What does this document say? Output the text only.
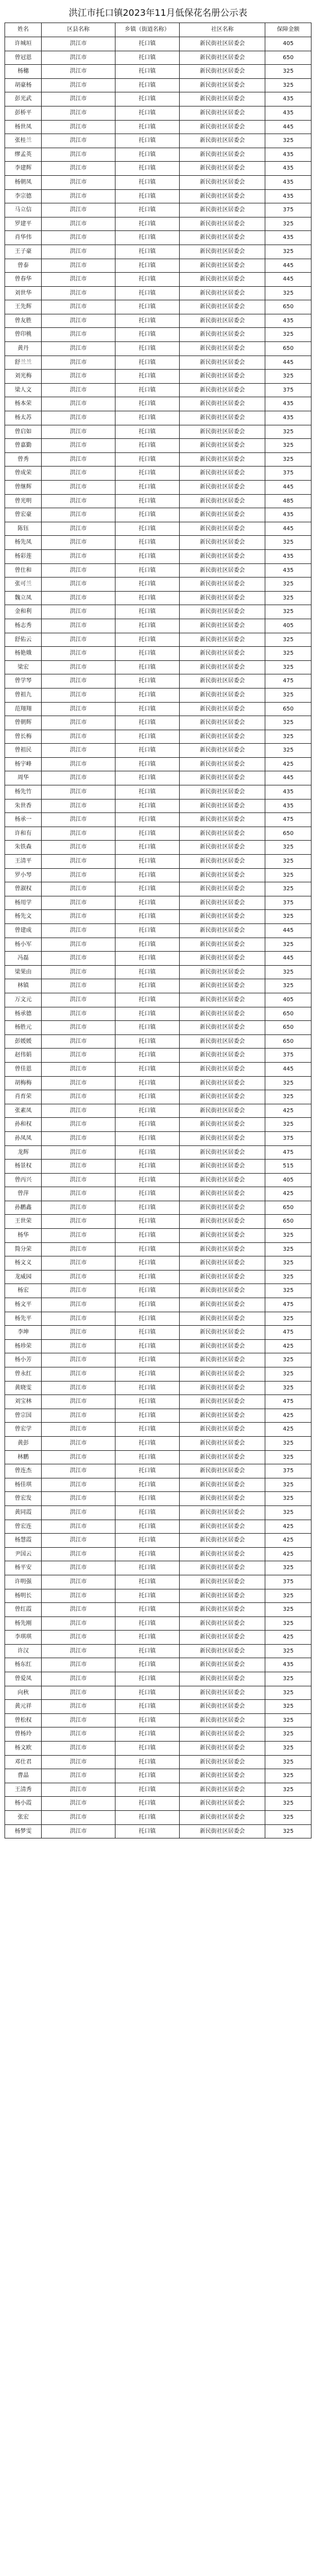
洪江市托口镇2023年11月低保花名册公示表
姓名	区县名称	乡镇（街道名称）	社区名称	保障金额
许城垣	洪江市	托口镇	新民街社区居委会	405
曾冠恩	洪江市	托口镇	新民街社区居委会	650
杨穗	洪江市	托口镇	新民街社区居委会	325
胡豪杨	洪江市	托口镇	新民街社区居委会	325
彭光武	洪江市	托口镇	新民街社区居委会	435
彭桥平	洪江市	托口镇	新民街社区居委会	435
杨世凤	洪江市	托口镇	新民街社区居委会	445
张桂兰	洪江市	托口镇	新民街社区居委会	325
缪孟英	洪江市	托口镇	新民街社区居委会	435
李建辉	洪江市	托口镇	新民街社区居委会	435
杨朝凤	洪江市	托口镇	新民街社区居委会	435
李宗德	洪江市	托口镇	新民街社区居委会	435
马立信	洪江市	托口镇	新民街社区居委会	375
罗建平	洪江市	托口镇	新民街社区居委会	325
肖华伟	洪江市	托口镇	新民街社区居委会	435
王子豪	洪江市	托口镇	新民街社区居委会	325
曾泰	洪江市	托口镇	新民街社区居委会	445
曾春华	洪江市	托口镇	新民街社区居委会	445
刘世华	洪江市	托口镇	新民街社区居委会	325
王先辉	洪江市	托口镇	新民街社区居委会	650
曾友胜	洪江市	托口镇	新民街社区居委会	435
曾印桃	洪江市	托口镇	新民街社区居委会	325
黄丹	洪江市	托口镇	新民街社区居委会	650
舒兰兰	洪江市	托口镇	新民街社区居委会	445
刘光梅	洪江市	托口镇	新民街社区居委会	325
梁人文	洪江市	托口镇	新民街社区居委会	375
杨本荣	洪江市	托口镇	新民街社区居委会	435
杨太苏	洪江市	托口镇	新民街社区居委会	435
曾启如	洪江市	托口镇	新民街社区居委会	325
曾嘉勤	洪江市	托口镇	新民街社区居委会	325
曾秀	洪江市	托口镇	新民街社区居委会	325
曾成荣	洪江市	托口镇	新民街社区居委会	375
曾继辉	洪江市	托口镇	新民街社区居委会	445
曾光明	洪江市	托口镇	新民街社区居委会	485
曾宏豪	洪江市	托口镇	新民街社区居委会	435
陈钰	洪江市	托口镇	新民街社区居委会	445
杨先凤	洪江市	托口镇	新民街社区居委会	325
杨彩莲	洪江市	托口镇	新民街社区居委会	435
曾仕和	洪江市	托口镇	新民街社区居委会	435
张可兰	洪江市	托口镇	新民街社区居委会	325
魏立凤	洪江市	托口镇	新民街社区居委会	325
金和利	洪江市	托口镇	新民街社区居委会	325
杨志秀	洪江市	托口镇	新民街社区居委会	405
舒佑云	洪江市	托口镇	新民街社区居委会	325
杨艳娥	洪江市	托口镇	新民街社区居委会	325
梁宏	洪江市	托口镇	新民街社区居委会	325
曾学琴	洪江市	托口镇	新民街社区居委会	475
曾祖九	洪江市	托口镇	新民街社区居委会	325
范翔翔	洪江市	托口镇	新民街社区居委会	650
曾朝辉	洪江市	托口镇	新民街社区居委会	325
曾长梅	洪江市	托口镇	新民街社区居委会	325
曾祖民	洪江市	托口镇	新民街社区居委会	325
杨宇峰	洪江市	托口镇	新民街社区居委会	425
周华	洪江市	托口镇	新民街社区居委会	445
杨先竹	洪江市	托口镇	新民街社区居委会	435
朱世香	洪江市	托口镇	新民街社区居委会	435
杨承一	洪江市	托口镇	新民街社区居委会	475
许和有	洪江市	托口镇	新民街社区居委会	650
朱铁森	洪江市	托口镇	新民街社区居委会	325
王清平	洪江市	托口镇	新民街社区居委会	325
罗小琴	洪江市	托口镇	新民街社区居委会	325
曾淑权	洪江市	托口镇	新民街社区居委会	325
杨用学	洪江市	托口镇	新民街社区居委会	375
杨先文	洪江市	托口镇	新民街社区居委会	325
曾建成	洪江市	托口镇	新民街社区居委会	445
杨小军	洪江市	托口镇	新民街社区居委会	325
冯磊	洪江市	托口镇	新民街社区居委会	445
梁果由	洪江市	托口镇	新民街社区居委会	325
林镇	洪江市	托口镇	新民街社区居委会	325
万文元	洪江市	托口镇	新民街社区居委会	405
杨承德	洪江市	托口镇	新民街社区居委会	650
杨胜元	洪江市	托口镇	新民街社区居委会	650
彭媛媛	洪江市	托口镇	新民街社区居委会	650
赵伟娟	洪江市	托口镇	新民街社区居委会	375
曾佳恩	洪江市	托口镇	新民街社区居委会	445
胡梅梅	洪江市	托口镇	新民街社区居委会	325
肖育荣	洪江市	托口镇	新民街社区居委会	325
张素凤	洪江市	托口镇	新民街社区居委会	425
孙和权	洪江市	托口镇	新民街社区居委会	325
孙凤凤	洪江市	托口镇	新民街社区居委会	375
龙辉	洪江市	托口镇	新民街社区居委会	475
杨景权	洪江市	托口镇	新民街社区居委会	515
曾丙兴	洪江市	托口镇	新民街社区居委会	405
曾萍	洪江市	托口镇	新民街社区居委会	425
孙鹏鑫	洪江市	托口镇	新民街社区居委会	650
王世荣	洪江市	托口镇	新民街社区居委会	650
杨华	洪江市	托口镇	新民街社区居委会	325
简分荣	洪江市	托口镇	新民街社区居委会	325
杨文义	洪江市	托口镇	新民街社区居委会	325
龙威园	洪江市	托口镇	新民街社区居委会	325
杨宏	洪江市	托口镇	新民街社区居委会	325
杨文平	洪江市	托口镇	新民街社区居委会	475
杨先平	洪江市	托口镇	新民街社区居委会	325
李坤	洪江市	托口镇	新民街社区居委会	475
杨珍荣	洪江市	托口镇	新民街社区居委会	425
杨小芳	洪江市	托口镇	新民街社区居委会	325
曾永红	洪江市	托口镇	新民街社区居委会	325
黄晓雯	洪江市	托口镇	新民街社区居委会	325
刘宝林	洪江市	托口镇	新民街社区居委会	475
曾宗国	洪江市	托口镇	新民街社区居委会	425
曾宏学	洪江市	托口镇	新民街社区居委会	425
黄彭	洪江市	托口镇	新民街社区居委会	325
林鹏	洪江市	托口镇	新民街社区居委会	325
曾连杰	洪江市	托口镇	新民街社区居委会	375
杨佳琪	洪江市	托口镇	新民街社区居委会	325
曾宏发	洪江市	托口镇	新民街社区居委会	325
黄同霞	洪江市	托口镇	新民街社区居委会	325
曾宏连	洪江市	托口镇	新民街社区居委会	425
杨慧霞	洪江市	托口镇	新民街社区居委会	425
尹国云	洪江市	托口镇	新民街社区居委会	425
杨平安	洪江市	托口镇	新民街社区居委会	325
许明强	洪江市	托口镇	新民街社区居委会	375
杨明长	洪江市	托口镇	新民街社区居委会	325
曾红霞	洪江市	托口镇	新民街社区居委会	325
杨先刚	洪江市	托口镇	新民街社区居委会	325
李琪琪	洪江市	托口镇	新民街社区居委会	425
许汉	洪江市	托口镇	新民街社区居委会	325
杨东红	洪江市	托口镇	新民街社区居委会	435
曾爱凤	洪江市	托口镇	新民街社区居委会	325
向秋	洪江市	托口镇	新民街社区居委会	325
黄元祥	洪江市	托口镇	新民街社区居委会	325
曾松权	洪江市	托口镇	新民街社区居委会	325
曾杨玲	洪江市	托口镇	新民街社区居委会	325
杨文欧	洪江市	托口镇	新民街社区居委会	325
邓仕君	洪江市	托口镇	新民街社区居委会	325
曹晶	洪江市	托口镇	新民街社区居委会	325
王清秀	洪江市	托口镇	新民街社区居委会	325
杨小霞	洪江市	托口镇	新民街社区居委会	325
张宏	洪江市	托口镇	新民街社区居委会	325
杨梦雯	洪江市	托口镇	新民街社区居委会	325
